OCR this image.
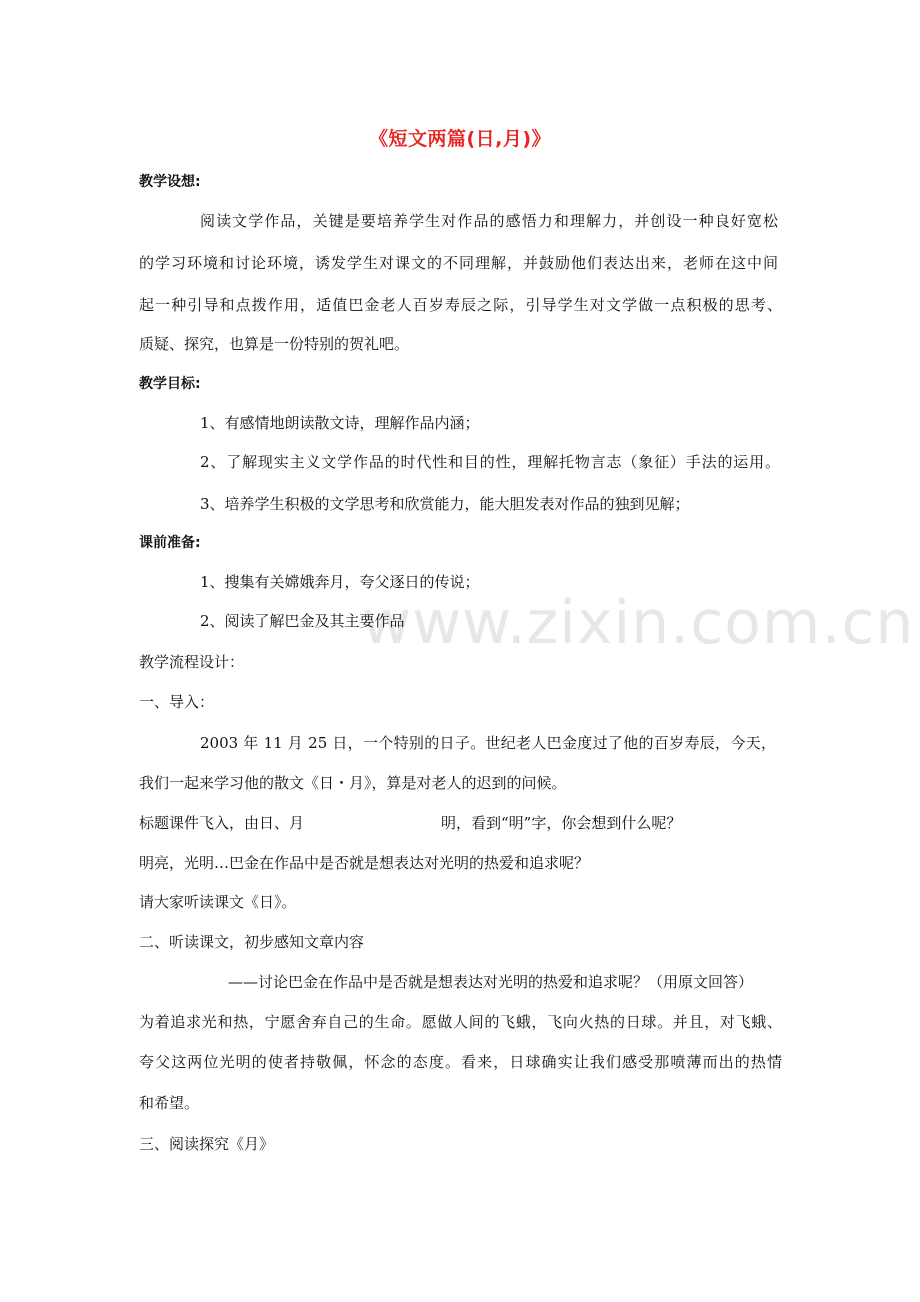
www.zixin.com.cn
《短文两篇(日,月)》
教学设想:
阅读文学作品，关键是要培养学生对作品的感悟力和理解力，并创设一种良好宽松
的学习环境和讨论环境，诱发学生对课文的不同理解，并鼓励他们表达出来，老师在这中间
起一种引导和点拨作用，适值巴金老人百岁寿辰之际，引导学生对文学做一点积极的思考、
质疑、探究，也算是一份特别的贺礼吧。
教学目标:
1、有感情地朗读散文诗，理解作品内涵；
2、了解现实主义文学作品的时代性和目的性，理解托物言志（象征）手法的运用。
3、培养学生积极的文学思考和欣赏能力，能大胆发表对作品的独到见解；
课前准备:
1、搜集有关嫦娥奔月，夸父逐日的传说；
2、阅读了解巴金及其主要作品
教学流程设计：
一、导入：
2003 年 11 月 25 日，一个特别的日子。世纪老人巴金度过了他的百岁寿辰，今天，
我们一起来学习他的散文《日・月》，算是对老人的迟到的问候。
标题课件飞入，由日、月	明，看到“明”字，你会想到什么呢？
明亮，光明…巴金在作品中是否就是想表达对光明的热爱和追求呢？
请大家听读课文《日》。
二、听读课文，初步感知文章内容
——讨论巴金在作品中是否就是想表达对光明的热爱和追求呢？（用原文回答）
为着追求光和热，宁愿舍弃自己的生命。愿做人间的飞蛾，飞向火热的日球。并且，对飞蛾、
夸父这两位光明的使者持敬佩，怀念的态度。看来，日球确实让我们感受那喷薄而出的热情
和希望。
三、阅读探究《月》
